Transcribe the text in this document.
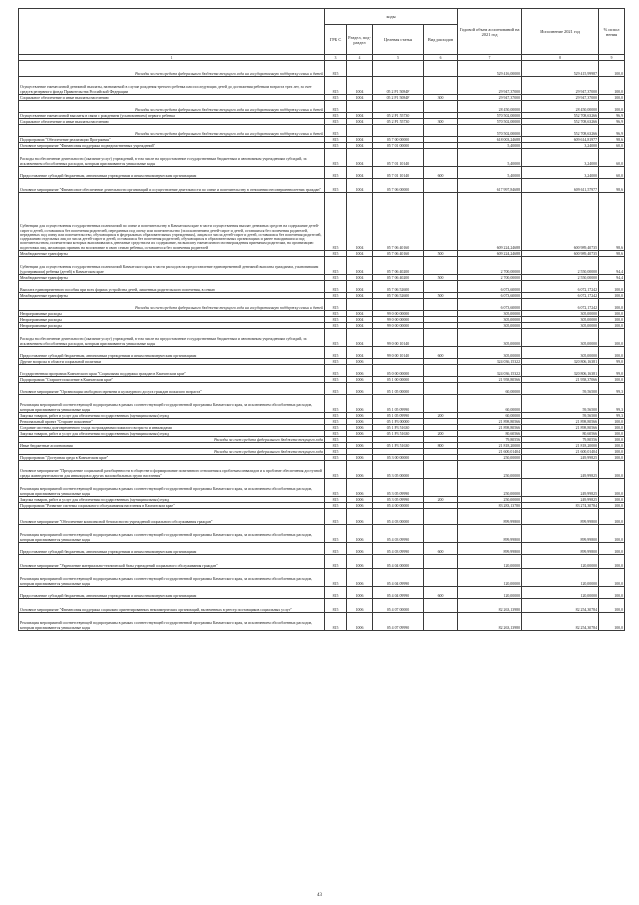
	коды				Годовой объем ассигнований на 2021 год	Исполнение 2021 год	% испол нения
	ГРБ С	Раздел, под-раздел	Целевая статья	Вид расходов			
1	3	4	5	6	7	8	9
Расходы за счет средств федерального бюджета текущего года на государственную поддержку семьи и детей	815				529 416,00000	529 415,99987	100,0
Осуществление ежемесячной денежной выплаты, назначаемой в случае рождения третьего ребенка или последующих детей до достижения ребенком возраста трех лет, за счет средств резервного фонда Правительства Российской Федерации	815	1004	05 2 P1 5084F		29 947,37000	29 947,37000	100,0
Социальное обеспечение и иные выплаты населению	815	1004	05 2 P1 5084F	300	29 947,37000	29 947,37000	100,0
Расходы за счет средств федерального бюджета текущего года на государственную поддержку семьи и детей	815				28 450,00000	28 450,00000	100,0
Осуществление ежемесячной выплаты в связи с рождением (усыновлением) первого ребенка	815	1004	05 2 P1 55730		570 502,00000	552 708,63266	96,9
Социальное обеспечение и иные выплаты населению	815	1004	05 2 P1 55730	300	570 502,00000	552 708,63266	96,9
Расходы за счет средств федерального бюджета текущего года на государственную поддержку семьи и детей	815				570 502,00000	552 708,63266	96,9
Подпрограмма "Обеспечение реализации Программы"	815	1004	05 7 00 00000		618 003,24688	609 614,81977	98,6
Основное мероприятие "Финансовая поддержка подведомственных учреждений"	815	1004	05 7 01 00000		5,40000	3,24000	60,0
Расходы на обеспечение деятельности (оказание услуг) учреждений, в том числе на предоставление государственным бюджетным и автономным учреждениям субсидий, за исключением обособленных расходов, которым присваиваются уникальные коды	815	1004	05 7 01 10140		5,40000	3,24000	60,0
Предоставление субсидий бюджетным, автономным учреждениям и иным некоммерческим организациям	815	1004	05 7 01 10140	600	5,40000	3,24000	60,0
Основное мероприятие "Финансовое обеспечение деятельности организаций и осуществление деятельности по опеке и попечительству в отношении несовершеннолетних граждан"	815	1004	05 7 06 00000		617 997,84688	609 611,57977	98,6
Субвенции для осуществления государственных полномочий по опеке и попечительству в Камчатском крае в части осуществления выплат денежных средств на содержание детей-сирот и детей, оставшихся без попечения родителей, переданных под опеку или попечительство (за исключением детей-сирот и детей, оставшихся без попечения родителей, переданных под опеку или попечительство, обучающихся в федеральных образовательных учреждениях), лицам из числа детей-сирот и детей, оставшихся без попечения родителей, содержанию отдельных лиц из числа детей-сирот и детей, оставшихся без попечения родителей, обучающихся в образовательных организациях и ранее находившихся под попечительством, попечителям которых выплачивались денежные средства на их содержание, на выплату ежемесячного вознаграждения приемным родителям, на организацию подготовки лиц, желающих принять на воспитание в свою семью ребенка, оставшегося без попечения родителей	815	1004	05 7 06 40160		609 224,24688	600 989,40735	98,6
Межбюджетные трансферты	815	1004	05 7 06 40160	500	609 224,24688	600 989,40735	98,6
Субвенции для осуществления государственных полномочий Камчатского края в части расходов на предоставление единовременной денежной выплаты гражданам, усыновившим (удочерившим) ребенка (детей) в Камчатском крае	815	1004	05 7 06 40200		2 700,00000	2 550,00000	94,4
Межбюджетные трансферты	815	1004	05 7 06 40200	500	2 700,00000	2 550,00000	94,4
Выплата единовременного пособия при всех формах устройства детей, лишенных родительского попечения, в семью	815	1004	05 7 06 52600		6 073,60000	6 072,17242	100,0
Межбюджетные трансферты	815	1004	05 7 06 52600	500	6 073,60000	6 072,17242	100,0
Расходы за счет средств федерального бюджета текущего года на государственную поддержку семьи и детей	815				6 073,60000	6 072,17242	100,0
Непрограммные расходы	815	1004	99 0 00 00000		305,00000	305,00000	100,0
Непрограммные расходы	815	1004	99 0 00 00000		305,00000	305,00000	100,0
Непрограммные расходы	815	1004	99 0 00 00000		305,00000	305,00000	100,0
Расходы на обеспечение деятельности (оказание услуг) учреждений, в том числе на предоставление государственным бюджетным и автономным учреждениям субсидий, за исключением обособленных расходов, которым присваиваются уникальные коды	815	1004	99 0 00 10140		305,00000	305,00000	100,0
Предоставление субсидий бюджетным, автономным учреждениям и иным некоммерческим организациям	815	1004	99 0 00 10140	600	305,00000	305,00000	100,0
Другие вопросы в области социальной политики	815	1006			324 036,15322	320 806,16381	99,0
Государственная программа Камчатского края "Социальная поддержка граждан в Камчатском крае"	815	1006	05 0 00 00000		324 036,15322	320 806,16381	99,0
Подпрограмма "Старшее поколение в Камчатском крае"	815	1006	05 1 00 00000		21 958,80566	21 958,37066	100,0
Основное мероприятие "Организация свободного времени и культурного досуга граждан пожилого возраста"	815	1006	05 1 05 00000		60,00000	59,56500	99,3
Реализация мероприятий соответствующей подпрограммы в рамках соответствующей государственной программы Камчатского края, за исключением обособленных расходов, которым присваиваются уникальные коды	815	1006	05 1 05 09990		60,00000	59,56500	99,3
Закупка товаров, работ и услуг для обеспечения государственных (муниципальных) нужд	815	1006	05 1 05 09990	200	60,00000	59,56500	99,3
Региональный проект "Старшее поколение"	815	1006	05 1 P3 00000		21 898,80566	21 898,80566	100,0
Создание системы долговременного ухода за гражданами пожилого возраста и инвалидами	815	1006	05 1 P3 51630		21 898,80566	21 898,80566	100,0
Закупка товаров, работ и услуг для обеспечения государственных (муниципальных) нужд	815	1006	05 1 P3 51630	200	80,60566	80,60566	100,0
Расходы за счет средств федерального бюджета текущего года	815				79,80556	79,80556	100,0
Иные бюджетные ассигнования	815	1006	05 1 P3 51630	800	21 818,20000	21 818,20000	100,0
Расходы за счет средств федерального бюджета текущего года	815				21 600,01404	21 600,01404	100,0
Подпрограмма "Доступная среда в Камчатском крае"	815	1006	05 3 00 00000		250,00000	249,99825	100,0
Основное мероприятие "Преодоление социальной разобщенности в обществе и формирование позитивного отношения к проблемам инвалидов и к проблеме обеспечения доступной среды жизнедеятельности для инвалидов и других маломобильных групп населения"	815	1006	05 3 05 00000		250,00000	249,99825	100,0
Реализация мероприятий соответствующей подпрограммы в рамках соответствующей государственной программы Камчатского края, за исключением обособленных расходов, которым присваиваются уникальные коды	815	1006	05 3 05 09990		250,00000	249,99825	100,0
Закупка товаров, работ и услуг для обеспечения государственных (муниципальных) нужд	815	1006	05 3 05 09990	200	250,00000	249,99825	100,0
Подпрограмма "Развитие системы социального обслуживания населения в Камчатском крае"	815	1006	05 4 00 00000		83 283,13780	83 274,30784	100,0
Основное мероприятие "Обеспечение комплексной безопасности учреждений социального обслуживания граждан"	815	1006	05 4 03 00000		899,99800	899,99800	100,0
Реализация мероприятий соответствующей подпрограммы в рамках соответствующей государственной программы Камчатского края, за исключением обособленных расходов, которым присваиваются уникальные коды	815	1006	05 4 03 09990		899,99800	899,99800	100,0
Предоставление субсидий бюджетным, автономным учреждениям и иным некоммерческим организациям	815	1006	05 4 03 09990	600	899,99800	899,99800	100,0
Основное мероприятие "Укрепление материально-технической базы учреждений социального обслуживания граждан"	815	1006	05 4 04 00000		120,00000	120,00000	100,0
Реализация мероприятий соответствующей подпрограммы в рамках соответствующей государственной программы Камчатского края, за исключением обособленных расходов, которым присваиваются уникальные коды	815	1006	05 4 04 09990		120,00000	120,00000	100,0
Предоставление субсидий бюджетным, автономным учреждениям и иным некоммерческим организациям	815	1006	05 4 04 09990	600	120,00000	120,00000	100,0
Основное мероприятие "Финансовая поддержка социально ориентированных некоммерческих организаций, включенных в реестр поставщиков социальных услуг"	815	1006	05 4 07 00000		82 263,13980	82 254,30784	100,0
Реализация мероприятий соответствующей подпрограммы в рамках соответствующей государственной программы Камчатского края, за исключением обособленных расходов, которым присваиваются уникальные коды	815	1006	05 4 07 09990		82 263,13980	82 254,30784	100,0
43
